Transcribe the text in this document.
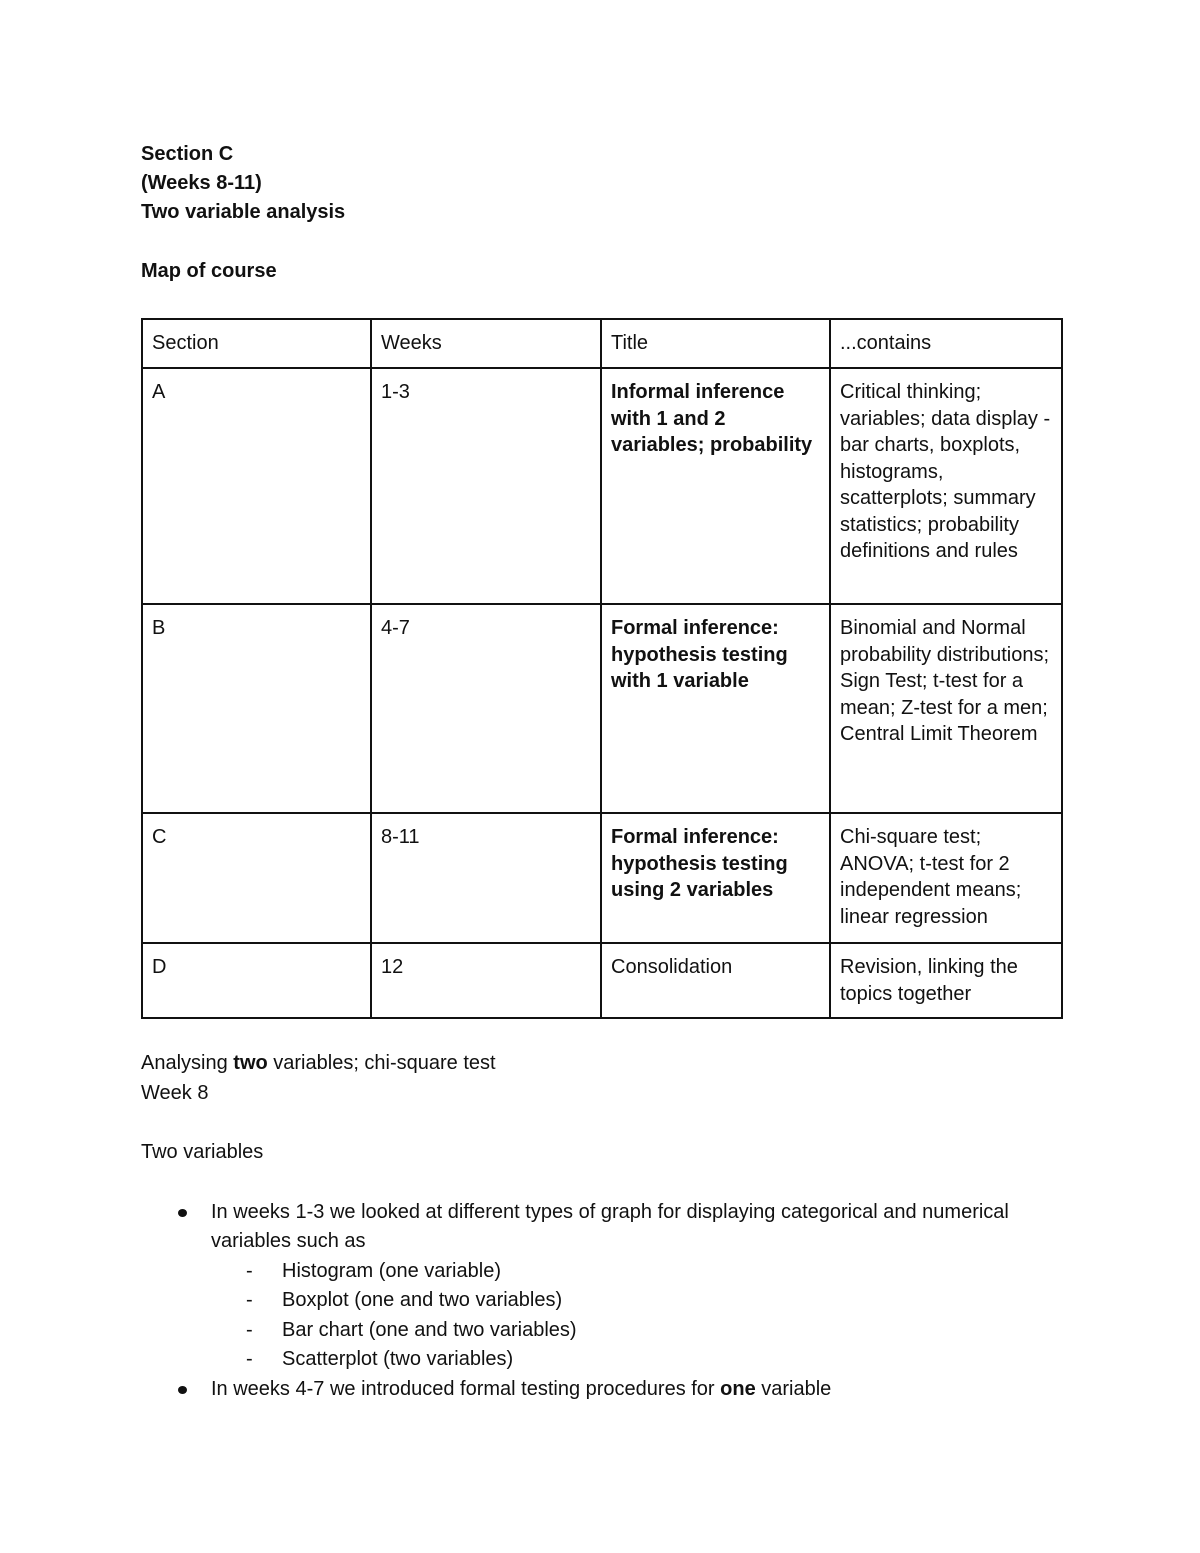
Section C

(Weeks 8-11)

Two variable analysis

Map of course

Section	Weeks	Title	...contains
A	1-3	Informal inference with 1 and 2 variables; probability	Critical thinking; variables; data display - bar charts, boxplots, histograms, scatterplots; summary statistics; probability definitions and rules
B	4-7	Formal inference: hypothesis testing with 1 variable	Binomial and Normal probability distributions; Sign Test; t-test for a mean; Z-test for a men; Central Limit Theorem
C	8-11	Formal inference: hypothesis testing using 2 variables	Chi-square test; ANOVA; t-test for 2 independent means; linear regression
D	12	Consolidation	Revision, linking the topics together

Analysing two variables; chi-square test

Week 8

Two variables

In weeks 1-3 we looked at different types of graph for displaying categorical and numerical variables such as
- Histogram (one variable)
- Boxplot (one and two variables)
- Bar chart (one and two variables)
- Scatterplot (two variables)
In weeks 4-7 we introduced formal testing procedures for one variable
